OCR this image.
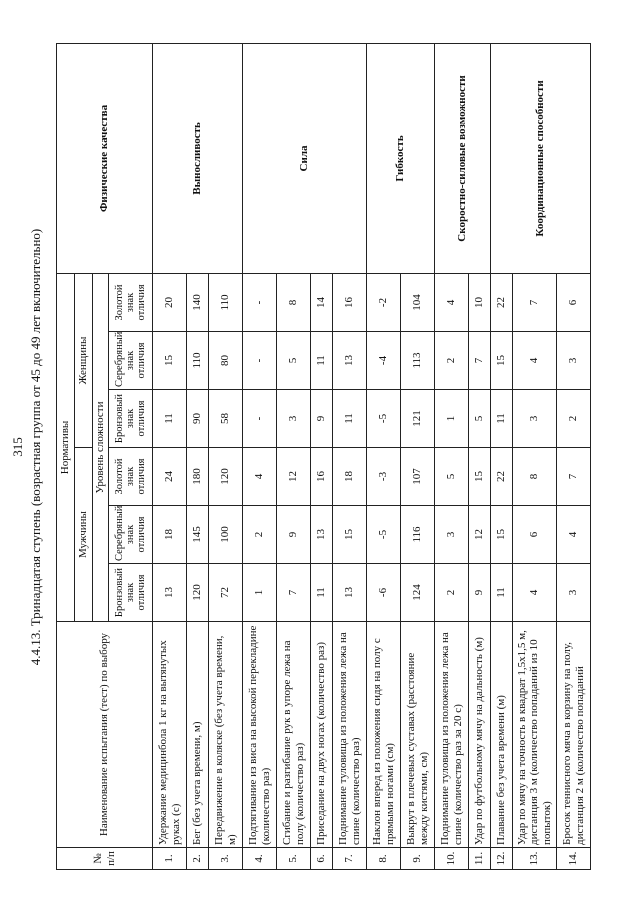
315 4.4.13. Тринадцатая ступень (возрастная группа от 45 до 49 лет включительно)
№ п/п	Наименование испытания (тест) по выбору	Нормативы						Физические качества
		Мужчины			Женщины			
		Уровень сложности						
		Бронзовый знак отличия	Серебряный знак отличия	Золотой знак отличия	Бронзовый знак отличия	Серебряный знак отличия	Золотой знак отличия	
1.	Удержание медицинбола 1 кг на вытянутых руках (с)	13	18	24	11	15	20	Выносливость
2.	Бег (без учета времени, м)	120	145	180	90	110	140	
3.	Передвижение в коляске (без учета времени, м)	72	100	120	58	80	110	
4.	Подтягивание из виса на высокой перекладине (количество раз)	1	2	4	-	-	-	Сила
5.	Сгибание и разгибание рук в упоре лежа на полу (количество раз)	7	9	12	3	5	8	
6.	Приседание на двух ногах (количество раз)	11	13	16	9	11	14	
7.	Поднимание туловища из положения лежа на спине (количество раз)	13	15	18	11	13	16	
8.	Наклон вперед из положения сидя на полу с прямыми ногами (см)	-6	-5	-3	-5	-4	-2	Гибкость
9.	Выкрут в плечевых суставах (расстояние между кистями, см)	124	116	107	121	113	104	
10.	Поднимание туловища из положения лежа на спине (количество раз за 20 с)	2	3	5	1	2	4	Скоростно-силовые возможности
11.	Удар по футбольному мячу на дальность (м)	9	12	15	5	7	10	
12.	Плавание без учета времени (м)	11	15	22	11	15	22	Координационные способности
13.	Удар по мячу на точность в квадрат 1,5х1,5 м, дистанция 3 м (количество попаданий из 10 попыток)	4	6	8	3	4	7	
14.	Бросок теннисного мяча в корзину на полу, дистанция 2 м (количество попаданий	3	4	7	2	3	6	
